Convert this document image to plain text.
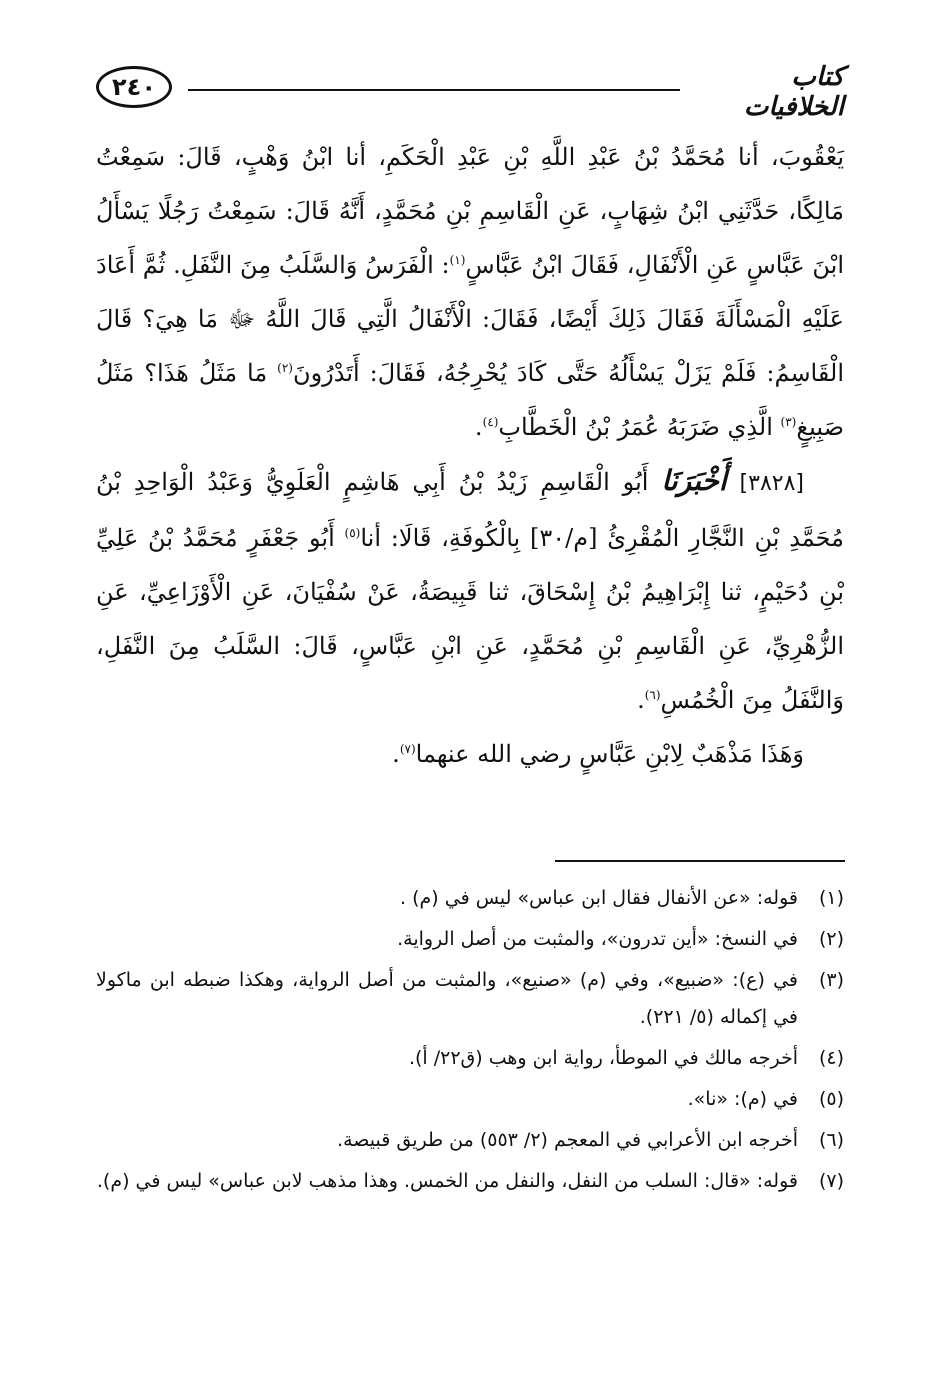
٢٤٠	كتاب الخلافيات

يَعْقُوبَ، أنا مُحَمَّدُ بْنُ عَبْدِ اللَّهِ بْنِ عَبْدِ الْحَكَمِ، أنا ابْنُ وَهْبٍ، قَالَ: سَمِعْتُ مَالِكًا، حَدَّثَنِي ابْنُ شِهَابٍ، عَنِ الْقَاسِمِ بْنِ مُحَمَّدٍ، أَنَّهُ قَالَ: سَمِعْتُ رَجُلًا يَسْأَلُ ابْنَ عَبَّاسٍ عَنِ الْأَنْفَالِ، فَقَالَ ابْنُ عَبَّاسٍ$^{(١)}$: الْفَرَسُ وَالسَّلَبُ مِنَ النَّفَلِ. ثُمَّ أَعَادَ عَلَيْهِ الْمَسْأَلَةَ فَقَالَ ذَلِكَ أَيْضًا، فَقَالَ: الْأَنْفَالُ الَّتِي قَالَ اللَّهُ ﷻ مَا هِيَ؟ قَالَ الْقَاسِمُ: فَلَمْ يَزَلْ يَسْأَلُهُ حَتَّى كَادَ يُحْرِجُهُ، فَقَالَ: أَتَدْرُونَ$^{(٢)}$ مَا مَثَلُ هَذَا؟ مَثَلُ صَبِيغٍ$^{(٣)}$ الَّذِي ضَرَبَهُ عُمَرُ بْنُ الْخَطَّابِ$^{(٤)}$.

[٣٨٢٨] أَخْبَرَنَا أَبُو الْقَاسِمِ زَيْدُ بْنُ أَبِي هَاشِمٍ الْعَلَوِيُّ وَعَبْدُ الْوَاحِدِ بْنُ مُحَمَّدِ بْنِ النَّجَّارِ الْمُقْرِئُ [م/٣٠] بِالْكُوفَةِ، قَالَا: أنا$^{(٥)}$ أَبُو جَعْفَرٍ مُحَمَّدُ بْنُ عَلِيِّ بْنِ دُحَيْمٍ، ثنا إِبْرَاهِيمُ بْنُ إِسْحَاقَ، ثنا قَبِيصَةُ، عَنْ سُفْيَانَ، عَنِ الْأَوْزَاعِيِّ، عَنِ الزُّهْرِيِّ، عَنِ الْقَاسِمِ بْنِ مُحَمَّدٍ، عَنِ ابْنِ عَبَّاسٍ، قَالَ: السَّلَبُ مِنَ النَّفَلِ، وَالنَّفَلُ مِنَ الْخُمُسِ$^{(٦)}$.

وَهَذَا مَذْهَبٌ لِابْنِ عَبَّاسٍ رضي الله عنهما$^{(٧)}$.

(١)
قوله: «عن الأنفال فقال ابن عباس» ليس في (م) .
(٢)
في النسخ: «أين تدرون»، والمثبت من أصل الرواية.
(٣)
في (ع): «ضبيع»، وفي (م) «صنيع»، والمثبت من أصل الرواية، وهكذا ضبطه ابن ماكولا في إكماله (٥/ ٢٢١).
(٤)
أخرجه مالك في الموطأ، رواية ابن وهب (ق٢٢/ أ).
(٥)
في (م): «نا».
(٦)
أخرجه ابن الأعرابي في المعجم (٢/ ٥٥٣) من طريق قبيصة.
(٧)
قوله: «قال: السلب من النفل، والنفل من الخمس. وهذا مذهب لابن عباس» ليس في (م).
